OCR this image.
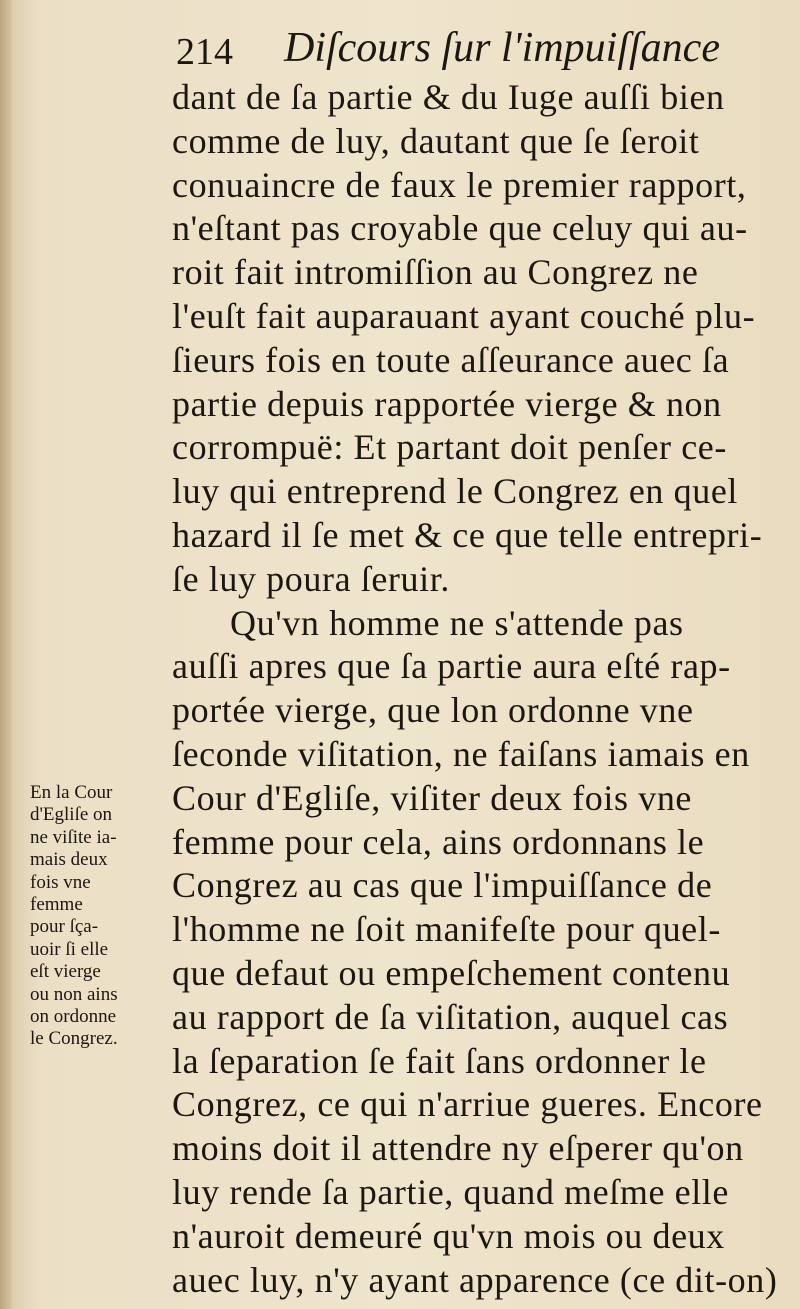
214 Diſcours ſur l'impuiſſance
dant de ſa partie & du Iuge auſſi bien
comme de luy, dautant que ſe ſeroit
conuaincre de faux le premier rapport,
n'eſtant pas croyable que celuy qui au-
roit fait intromiſſion au Congrez ne
l'euſt fait auparauant ayant couché plu-
ſieurs fois en toute aſſeurance auec ſa
partie depuis rapportée vierge & non
corrompuë: Et partant doit penſer ce-
luy qui entreprend le Congrez en quel
hazard il ſe met & ce que telle entrepri-
ſe luy poura ſeruir.
Qu'vn homme ne s'attende pas
auſſi apres que ſa partie aura eſté rap-
portée vierge, que lon ordonne vne
ſeconde viſitation, ne faiſans iamais en
Cour d'Egliſe, viſiter deux fois vne
femme pour cela, ains ordonnans le
Congrez au cas que l'impuiſſance de
l'homme ne ſoit manifeſte pour quel-
que defaut ou empeſchement contenu
au rapport de ſa viſitation, auquel cas
la ſeparation ſe fait ſans ordonner le
Congrez, ce qui n'arriue gueres. Encore
moins doit il attendre ny eſperer qu'on
luy rende ſa partie, quand meſme elle
n'auroit demeuré qu'vn mois ou deux
auec luy, n'y ayant apparence (ce dit-on)
En la Cour
d'Egliſe on
ne viſite ia-
mais deux
fois vne
femme
pour ſça-
uoir ſi elle
eſt vierge
ou non ains
on ordonne
le Congrez.
